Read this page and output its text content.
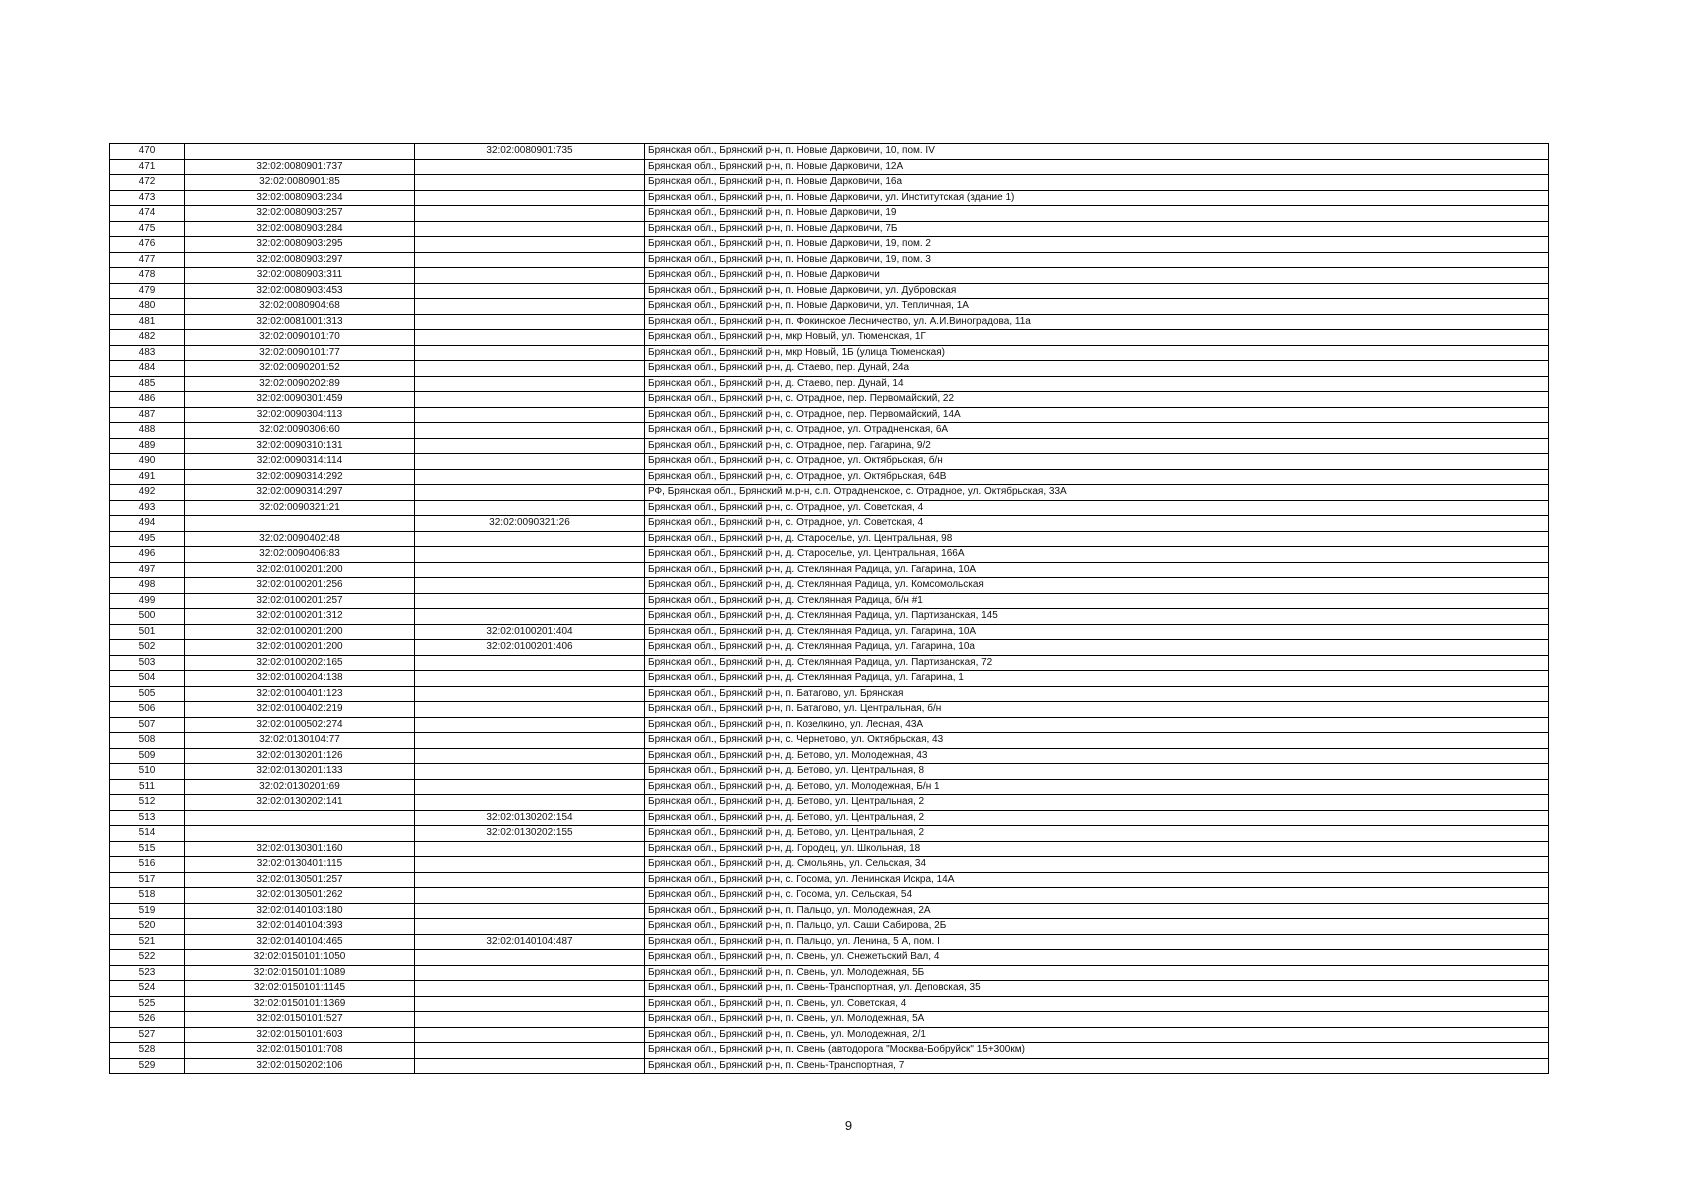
470		32:02:0080901:735	Брянская обл., Брянский р-н, п. Новые Дарковичи, 10, пом. IV
471	32:02:0080901:737		Брянская обл., Брянский р-н, п. Новые Дарковичи, 12А
472	32:02:0080901:85		Брянская обл., Брянский р-н, п. Новые Дарковичи, 16а
473	32:02:0080903:234		Брянская обл., Брянский р-н, п. Новые Дарковичи, ул. Институтская (здание 1)
474	32:02:0080903:257		Брянская обл., Брянский р-н, п. Новые Дарковичи, 19
475	32:02:0080903:284		Брянская обл., Брянский р-н, п. Новые Дарковичи, 7Б
476	32:02:0080903:295		Брянская обл., Брянский р-н, п. Новые Дарковичи, 19, пом. 2
477	32:02:0080903:297		Брянская обл., Брянский р-н, п. Новые Дарковичи, 19, пом. 3
478	32:02:0080903:311		Брянская обл., Брянский р-н, п. Новые Дарковичи
479	32:02:0080903:453		Брянская обл., Брянский р-н, п. Новые Дарковичи, ул. Дубровская
480	32:02:0080904:68		Брянская обл., Брянский р-н, п. Новые Дарковичи, ул. Тепличная, 1А
481	32:02:0081001:313		Брянская обл., Брянский р-н, п. Фокинское Лесничество, ул. А.И.Виноградова, 11а
482	32:02:0090101:70		Брянская обл., Брянский р-н, мкр Новый, ул. Тюменская, 1Г
483	32:02:0090101:77		Брянская обл., Брянский р-н, мкр Новый, 1Б (улица Тюменская)
484	32:02:0090201:52		Брянская обл., Брянский р-н, д. Стаево, пер. Дунай, 24а
485	32:02:0090202:89		Брянская обл., Брянский р-н, д. Стаево, пер. Дунай, 14
486	32:02:0090301:459		Брянская обл., Брянский р-н, с. Отрадное, пер. Первомайский, 22
487	32:02:0090304:113		Брянская обл., Брянский р-н, с. Отрадное, пер. Первомайский, 14А
488	32:02:0090306:60		Брянская обл., Брянский р-н, с. Отрадное, ул. Отрадненская, 6А
489	32:02:0090310:131		Брянская обл., Брянский р-н, с. Отрадное, пер. Гагарина, 9/2
490	32:02:0090314:114		Брянская обл., Брянский р-н, с. Отрадное, ул. Октябрьская, б/н
491	32:02:0090314:292		Брянская обл., Брянский р-н, с. Отрадное, ул. Октябрьская, 64В
492	32:02:0090314:297		РФ, Брянская обл., Брянский м.р-н, с.п. Отрадненское, с. Отрадное, ул. Октябрьская, 33А
493	32:02:0090321:21		Брянская обл., Брянский р-н, с. Отрадное, ул. Советская, 4
494		32:02:0090321:26	Брянская обл., Брянский р-н, с. Отрадное, ул. Советская, 4
495	32:02:0090402:48		Брянская обл., Брянский р-н, д. Староселье, ул. Центральная, 98
496	32:02:0090406:83		Брянская обл., Брянский р-н, д. Староселье, ул. Центральная, 166А
497	32:02:0100201:200		Брянская обл., Брянский р-н, д. Стеклянная Радица, ул. Гагарина, 10А
498	32:02:0100201:256		Брянская обл., Брянский р-н, д. Стеклянная Радица, ул. Комсомольская
499	32:02:0100201:257		Брянская обл., Брянский р-н, д. Стеклянная Радица, б/н #1
500	32:02:0100201:312		Брянская обл., Брянский р-н, д. Стеклянная Радица, ул. Партизанская, 145
501	32:02:0100201:200	32:02:0100201:404	Брянская обл., Брянский р-н, д. Стеклянная Радица, ул. Гагарина, 10А
502	32:02:0100201:200	32:02:0100201:406	Брянская обл., Брянский р-н, д. Стеклянная Радица, ул. Гагарина, 10а
503	32:02:0100202:165		Брянская обл., Брянский р-н, д. Стеклянная Радица, ул. Партизанская, 72
504	32:02:0100204:138		Брянская обл., Брянский р-н, д. Стеклянная Радица, ул. Гагарина, 1
505	32:02:0100401:123		Брянская обл., Брянский р-н, п. Батагово, ул. Брянская
506	32:02:0100402:219		Брянская обл., Брянский р-н, п. Батагово, ул. Центральная, б/н
507	32:02:0100502:274		Брянская обл., Брянский р-н, п. Козелкино, ул. Лесная, 43А
508	32:02:0130104:77		Брянская обл., Брянский р-н, с. Чернетово, ул. Октябрьская, 43
509	32:02:0130201:126		Брянская обл., Брянский р-н, д. Бетово, ул. Молодежная, 43
510	32:02:0130201:133		Брянская обл., Брянский р-н, д. Бетово, ул. Центральная, 8
511	32:02:0130201:69		Брянская обл., Брянский р-н, д. Бетово, ул. Молодежная, Б/н 1
512	32:02:0130202:141		Брянская обл., Брянский р-н, д. Бетово, ул. Центральная, 2
513		32:02:0130202:154	Брянская обл., Брянский р-н, д. Бетово, ул. Центральная, 2
514		32:02:0130202:155	Брянская обл., Брянский р-н, д. Бетово, ул. Центральная, 2
515	32:02:0130301:160		Брянская обл., Брянский р-н, д. Городец, ул. Школьная, 18
516	32:02:0130401:115		Брянская обл., Брянский р-н, д. Смольянь, ул. Сельская, 34
517	32:02:0130501:257		Брянская обл., Брянский р-н, с. Госома, ул. Ленинская Искра, 14А
518	32:02:0130501:262		Брянская обл., Брянский р-н, с. Госома, ул. Сельская, 54
519	32:02:0140103:180		Брянская обл., Брянский р-н, п. Пальцо, ул. Молодежная, 2А
520	32:02:0140104:393		Брянская обл., Брянский р-н, п. Пальцо, ул. Саши Сабирова, 2Б
521	32:02:0140104:465	32:02:0140104:487	Брянская обл., Брянский р-н, п. Пальцо, ул. Ленина, 5 А, пом. I
522	32:02:0150101:1050		Брянская обл., Брянский р-н, п. Свень, ул. Снежетьский Вал, 4
523	32:02:0150101:1089		Брянская обл., Брянский р-н, п. Свень, ул. Молодежная, 5Б
524	32:02:0150101:1145		Брянская обл., Брянский р-н, п. Свень-Транспортная, ул. Деповская, 35
525	32:02:0150101:1369		Брянская обл., Брянский р-н, п. Свень, ул. Советская, 4
526	32:02:0150101:527		Брянская обл., Брянский р-н, п. Свень, ул. Молодежная, 5А
527	32:02:0150101:603		Брянская обл., Брянский р-н, п. Свень, ул. Молодежная, 2/1
528	32:02:0150101:708		Брянская обл., Брянский р-н, п. Свень (автодорога "Москва-Бобруйск" 15+300км)
529	32:02:0150202:106		Брянская обл., Брянский р-н, п. Свень-Транспортная, 7
9
